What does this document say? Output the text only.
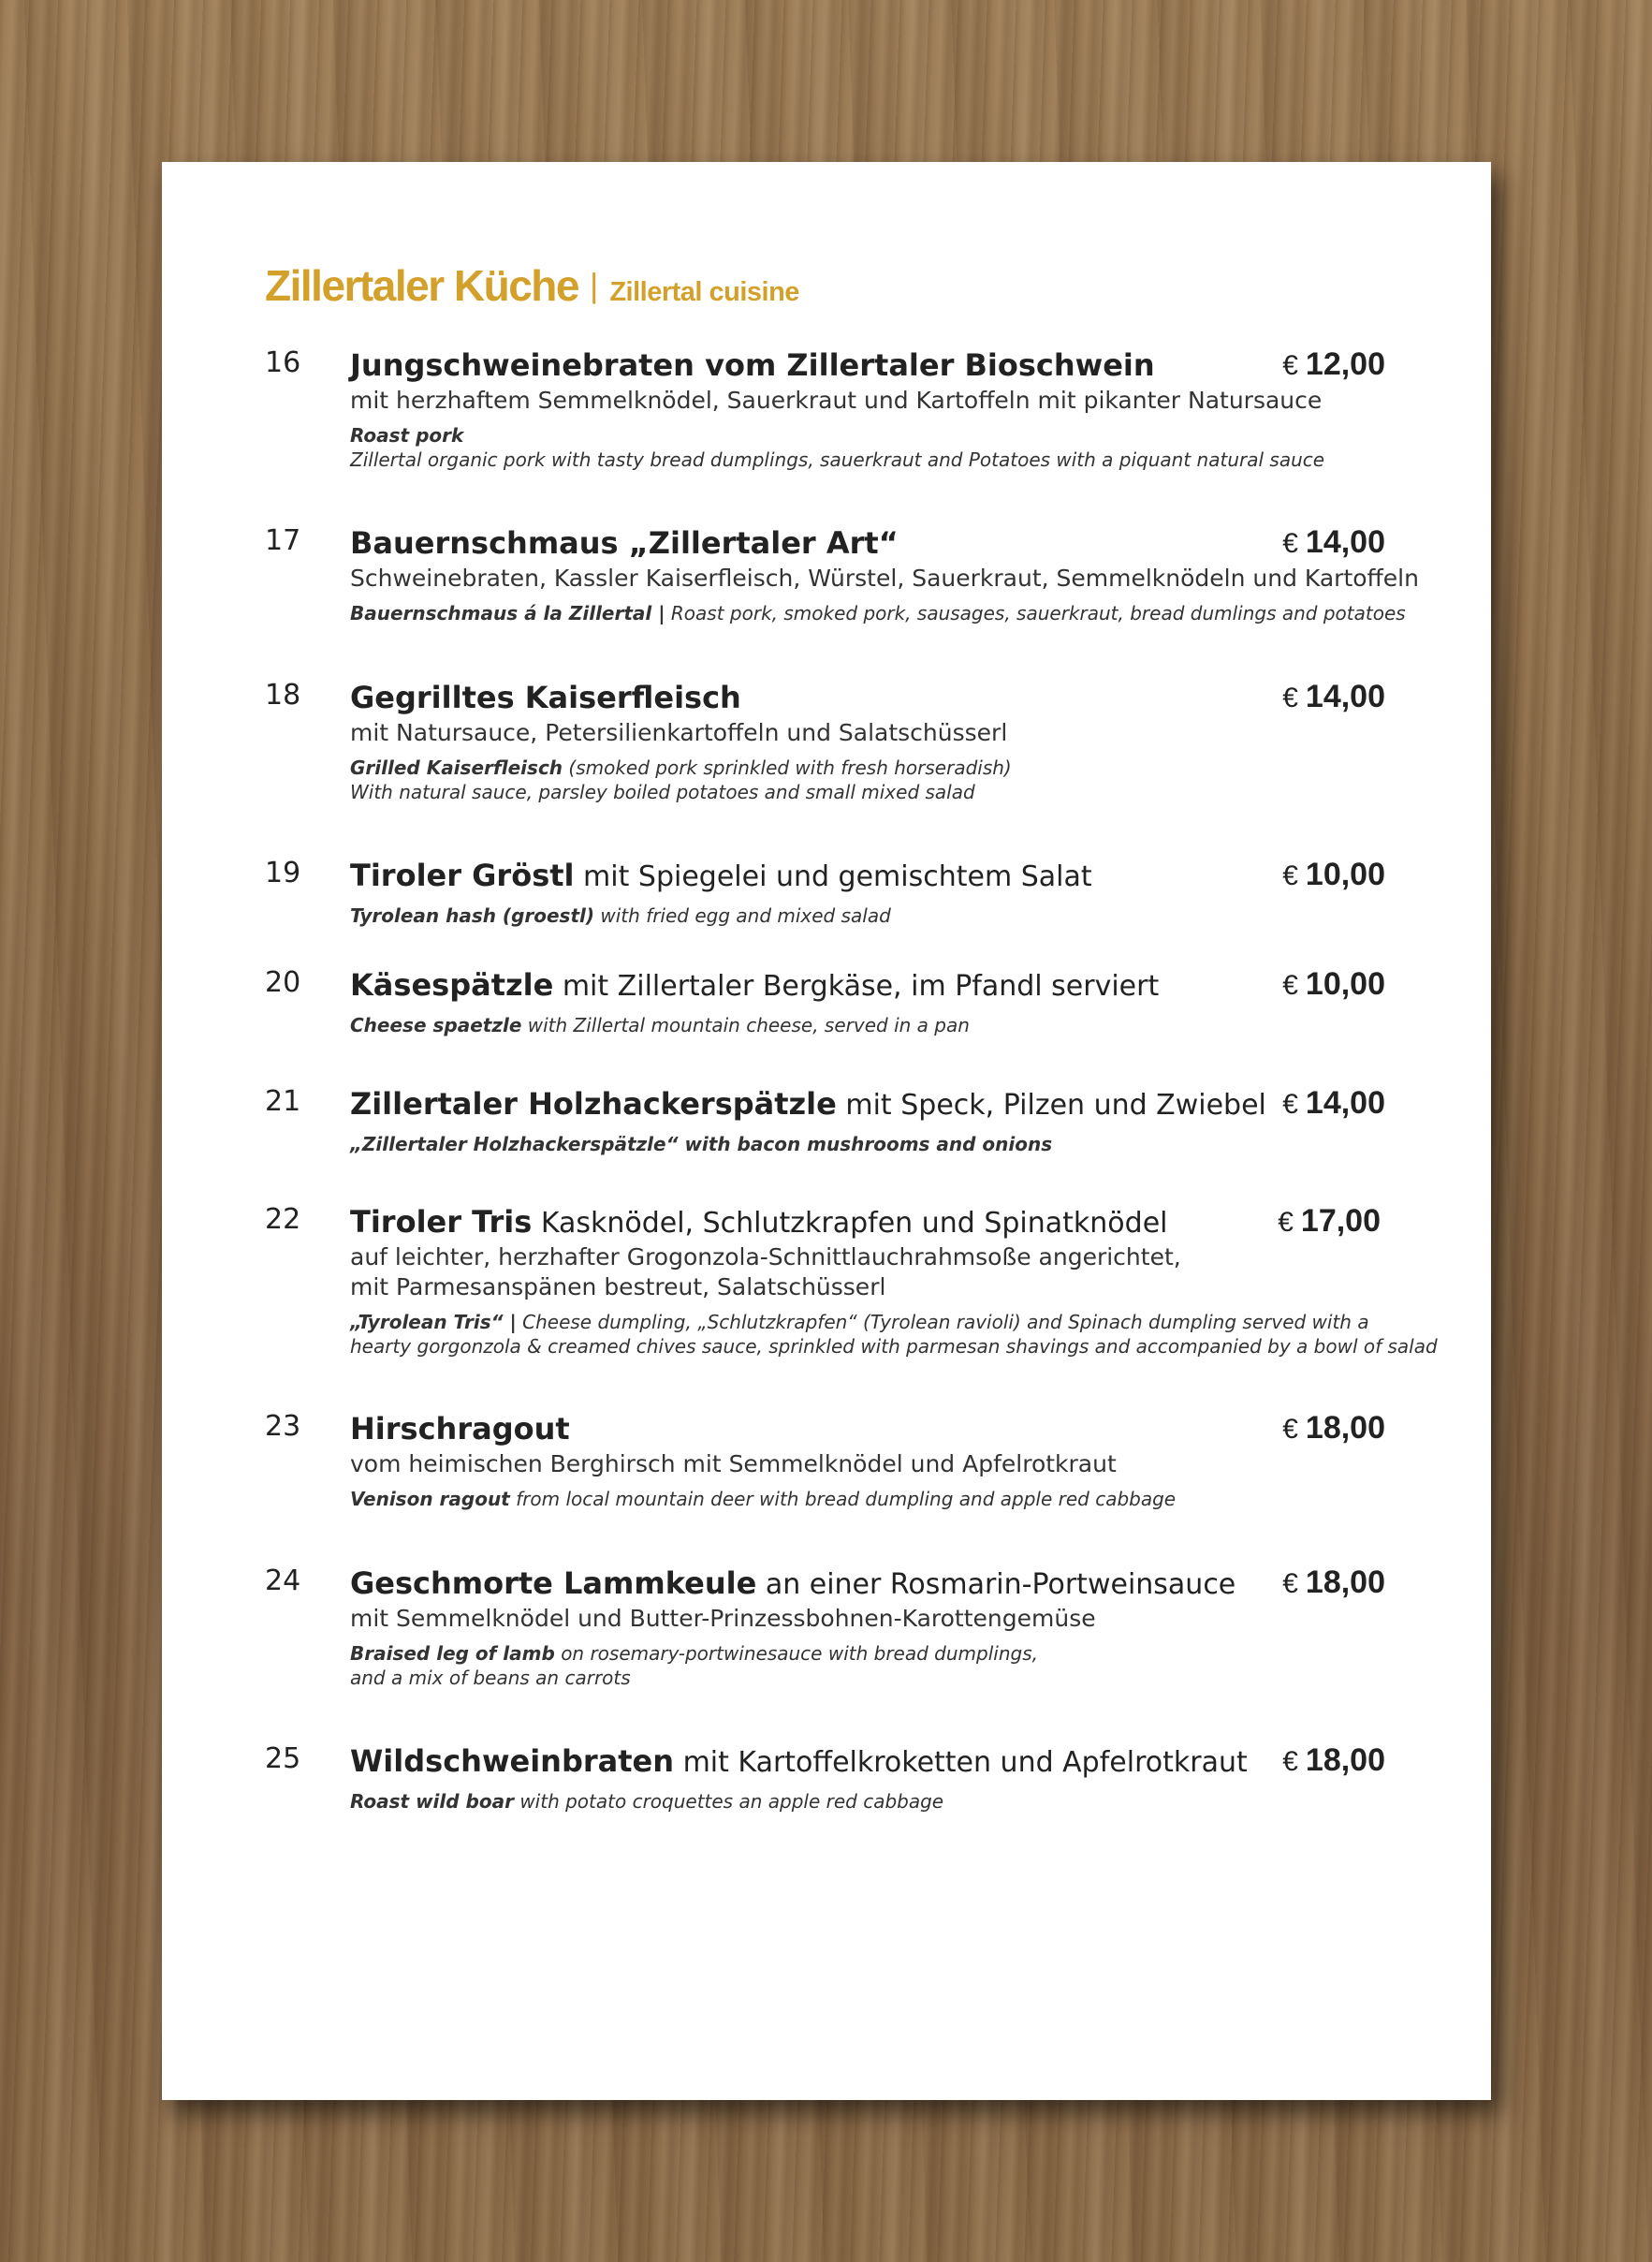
Zillertaler Küche | Zillertal cuisine
16 Jungschweinebraten vom Zillertaler Bioschwein
mit herzhaftem Semmelknödel, Sauerkraut und Kartoffeln mit pikanter Natursauce
Roast pork
Zillertal organic pork with tasty bread dumplings, sauerkraut and Potatoes with a piquant natural sauce
€ 12,00
17 Bauernschmaus „Zillertaler Art“
Schweinebraten, Kassler Kaiserfleisch, Würstel, Sauerkraut, Semmelknödeln und Kartoffeln
Bauernschmaus á la Zillertal | Roast pork, smoked pork, sausages, sauerkraut, bread dumlings and potatoes
€ 14,00
18 Gegrilltes Kaiserfleisch
mit Natursauce, Petersilienkartoffeln und Salatschüsserl
Grilled Kaiserfleisch (smoked pork sprinkled with fresh horseradish)
With natural sauce, parsley boiled potatoes and small mixed salad
€ 14,00
19 Tiroler Gröstl mit Spiegelei und gemischtem Salat
Tyrolean hash (groestl) with fried egg and mixed salad
€ 10,00
20 Käsespätzle mit Zillertaler Bergkäse, im Pfandl serviert
Cheese spaetzle with Zillertal mountain cheese, served in a pan
€ 10,00
21 Zillertaler Holzhackerspätzle mit Speck, Pilzen und Zwiebel
„Zillertaler Holzhackerspätzle“ with bacon mushrooms and onions
€ 14,00
22 Tiroler Tris Kasknödel, Schlutzkrapfen und Spinatknödel
auf leichter, herzhafter Grogonzola-Schnittlauchrahmsoße angerichtet,
mit Parmesanspänen bestreut, Salatschüsserl
„Tyrolean Tris“ | Cheese dumpling, „Schlutzkrapfen“ (Tyrolean ravioli) and Spinach dumpling served with a
hearty gorgonzola & creamed chives sauce, sprinkled with parmesan shavings and accompanied by a bowl of salad
€ 17,00
23 Hirschragout
vom heimischen Berghirsch mit Semmelknödel und Apfelrotkraut
Venison ragout from local mountain deer with bread dumpling and apple red cabbage
€ 18,00
24 Geschmorte Lammkeule an einer Rosmarin-Portweinsauce
mit Semmelknödel und Butter-Prinzessbohnen-Karottengemüse
Braised leg of lamb on rosemary-portwinesauce with bread dumplings,
and a mix of beans an carrots
€ 18,00
25 Wildschweinbraten mit Kartoffelkroketten und Apfelrotkraut
Roast wild boar with potato croquettes an apple red cabbage
€ 18,00
